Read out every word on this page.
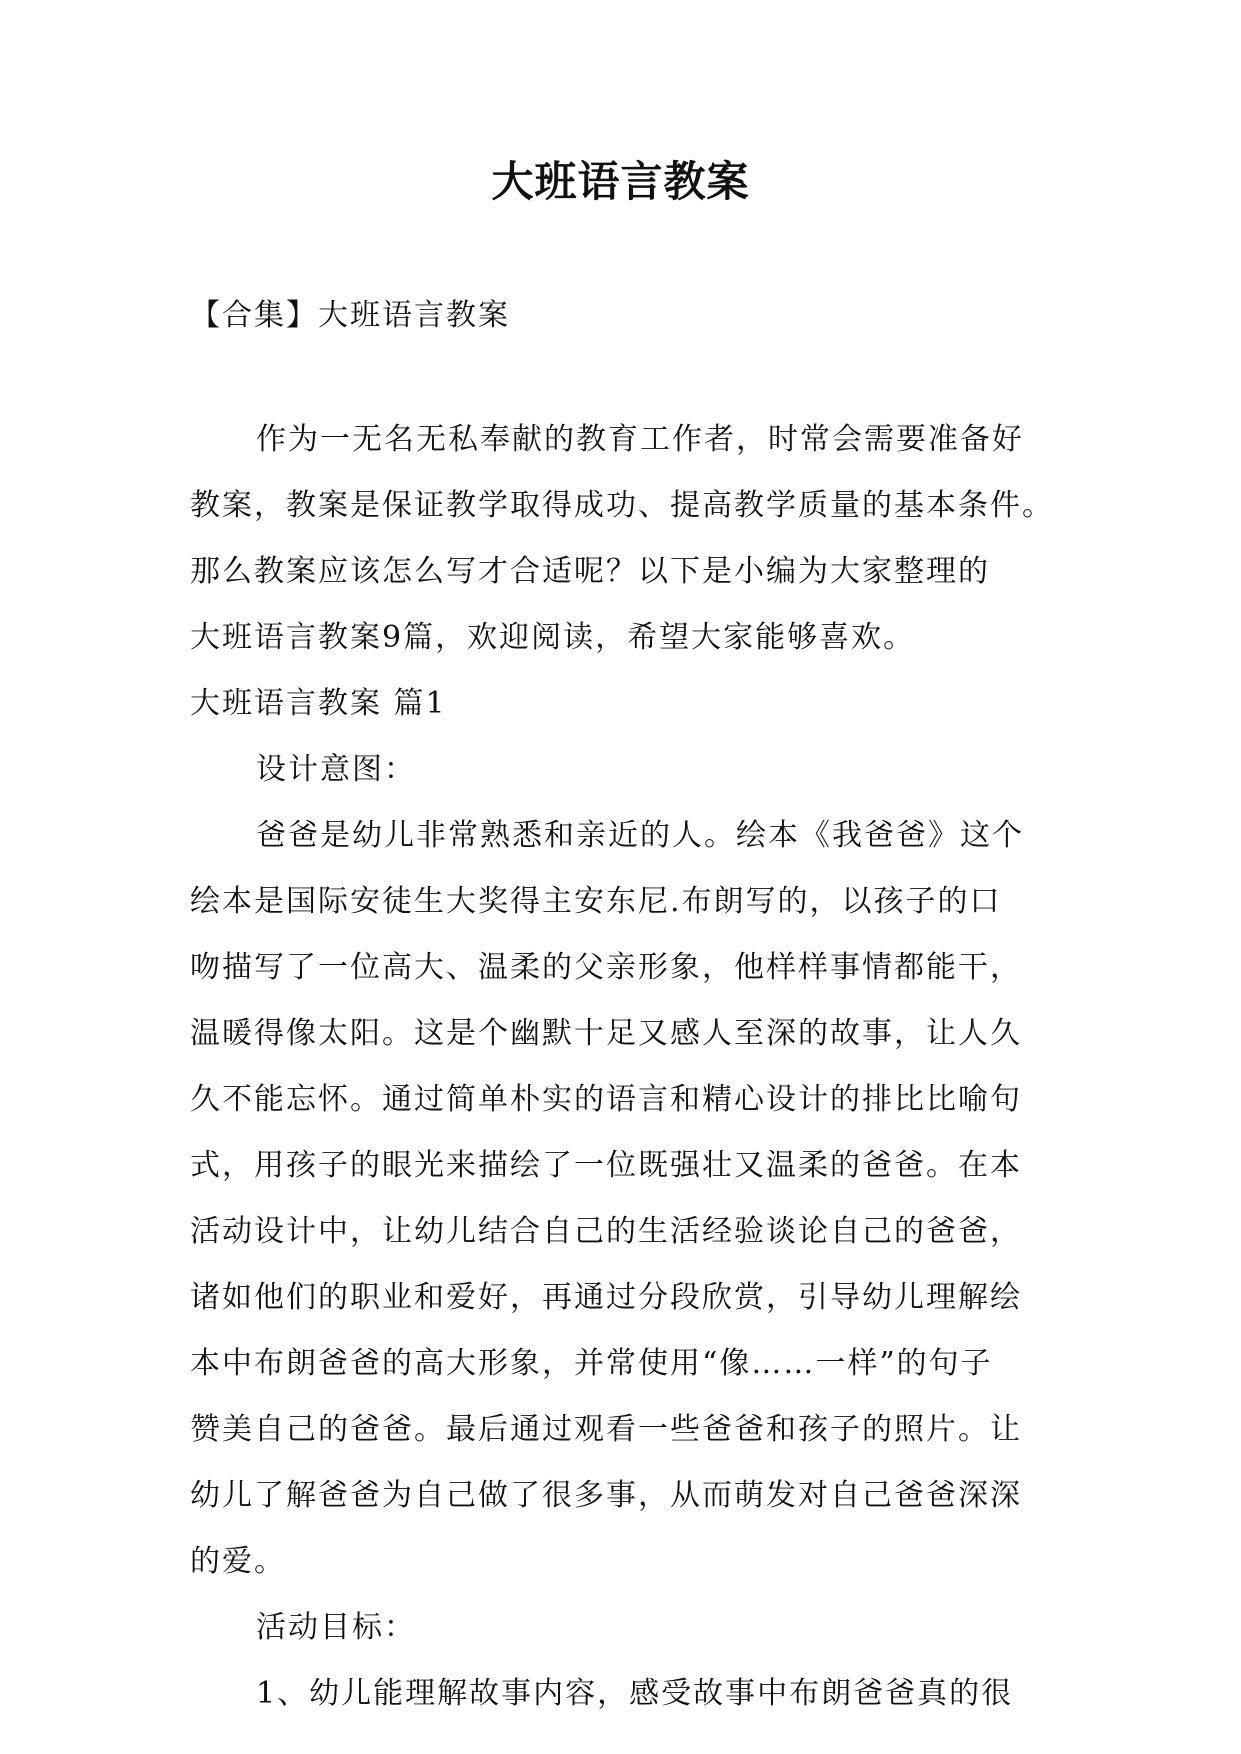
大班语言教案
【合集】大班语言教案
作为一无名无私奉献的教育工作者，时常会需要准备好
教案，教案是保证教学取得成功、提高教学质量的基本条件。
那么教案应该怎么写才合适呢？以下是小编为大家整理的
大班语言教案9篇，欢迎阅读，希望大家能够喜欢。
大班语言教案 篇1
设计意图：
爸爸是幼儿非常熟悉和亲近的人。绘本《我爸爸》这个
绘本是国际安徒生大奖得主安东尼.布朗写的，以孩子的口
吻描写了一位高大、温柔的父亲形象，他样样事情都能干，
温暖得像太阳。这是个幽默十足又感人至深的故事，让人久
久不能忘怀。通过简单朴实的语言和精心设计的排比比喻句
式，用孩子的眼光来描绘了一位既强壮又温柔的爸爸。在本
活动设计中，让幼儿结合自己的生活经验谈论自己的爸爸，
诸如他们的职业和爱好，再通过分段欣赏，引导幼儿理解绘
本中布朗爸爸的高大形象，并常使用“像……一样”的句子
赞美自己的爸爸。最后通过观看一些爸爸和孩子的照片。让
幼儿了解爸爸为自己做了很多事，从而萌发对自己爸爸深深
的爱。
活动目标：
1、幼儿能理解故事内容，感受故事中布朗爸爸真的很
